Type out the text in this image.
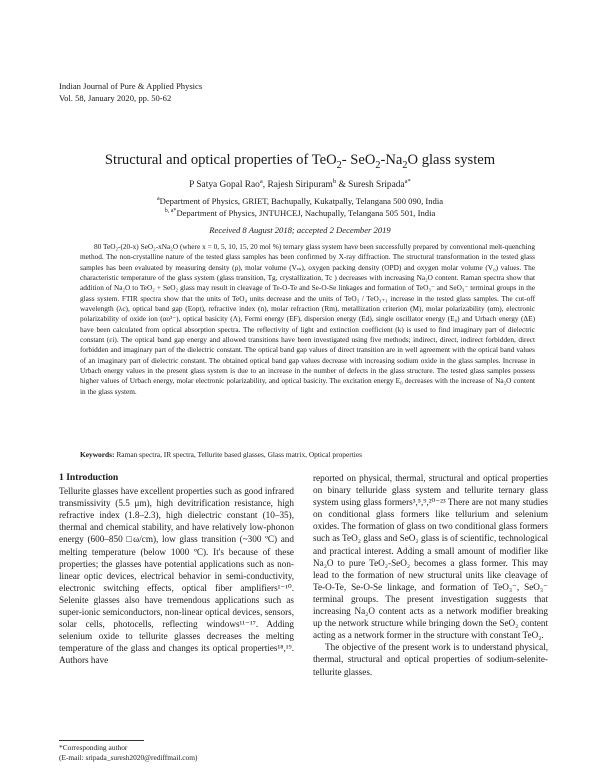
Indian Journal of Pure & Applied Physics
Vol. 58, January 2020, pp. 50-62
Structural and optical properties of TeO$_2$- $SeO_2-Na_2O$ glass system
P Satya Gopal Rao$^a$, Rajesh Siripuram$^b$ & Suresh Sripada$^{a*}$
$^a$Department of Physics, GRIET, Bachupally, Kukatpally, Telangana 500 090, India
$^{b, a*}$Department of Physics, JNTUHCEJ, Nachupally, Telangana 505 501, India
Received 8 August 2018; accepted 2 December 2019

80 TeO₂-(20-x) SeO₂-xNa₂O (where x = 0, 5, 10, 15, 20 mol %) ternary glass system have been successfully prepared by conventional melt-quenching method. The non-crystalline nature of the tested glass samples has been confirmed by X-ray diffraction. The structural transformation in the tested glass samples has been evaluated by measuring density (ρ), molar volume (Vₘ), oxygen packing density (OPD) and oxygen molar volume (V₀) values. The characteristic temperature of the glass system (glass transition, Tg, crystallization, Tc ) decreases with increasing Na₂O content. Raman spectra show that addition of Na₂O to TeO₂ + SeO₂ glass may result in cleavage of Te-O-Te and Se-O-Se linkages and formation of TeO₃⁻ and SeO₃⁻ terminal groups in the glass system. FTIR spectra show that the units of TeO₄ units decrease and the units of TeO₃ / TeO₃₊₁ increase in the tested glass samples. The cut-off wavelength (λc), optical band gap (Eopt), refractive index (n), molar refraction (Rm), metallization criterion (M), molar polarizability (αm), electronic polarizability of oxide ion (αo²⁻), optical basicity (Λ), Fermi energy (EF), dispersion energy (Ed), single oscillator energy (E₀) and Urbach energy (ΔE) have been calculated from optical absorption spectra. The reflectivity of light and extinction coefficient (k) is used to find imaginary part of dielectric constant (εi). The optical band gap energy and allowed transitions have been investigated using five methods; indirect, direct, indirect forbidden, direct forbidden and imaginary part of the dielectric constant. The optical band gap values of direct transition are in well agreement with the optical band values of an imaginary part of dielectric constant. The obtained optical band gap values decrease with increasing sodium oxide in the glass samples. Increase in Urbach energy values in the present glass system is due to an increase in the number of defects in the glass structure. The tested glass samples possess higher values of Urbach energy, molar electronic polarizability, and optical basicity. The excitation energy E₀ decreases with the increase of Na₂O content in the glass system.

Keywords: Raman spectra, IR spectra, Tellurite based glasses, Glass matrix, Optical properties
1 Introduction

Tellurite glasses have excellent properties such as good infrared transmissivity (5.5 μm), high devitrification resistance, high refractive index (1.8–2.3), high dielectric constant (10–35), thermal and chemical stability, and have relatively low-phonon energy (600–850 □ω/cm), low glass transition (~300 ºC) and melting temperature (below 1000 ºC). It's because of these properties; the glasses have potential applications such as non-linear optic devices, electrical behavior in semi-conductivity, electronic switching effects, optical fiber amplifiers¹⁻¹⁰. Selenite glasses also have tremendous applications such as super-ionic semiconductors, non-linear optical devices, sensors, solar cells, photocells, reflecting windows¹¹⁻¹⁷. Adding selenium oxide to tellurite glasses decreases the melting temperature of the glass and changes its optical properties¹⁸,¹⁹. Authors have

reported on physical, thermal, structural and optical properties on binary telluride glass system and tellurite ternary glass system using glass formers³,⁵,⁹,²⁰⁻²³ There are not many studies on conditional glass formers like tellurium and selenium oxides. The formation of glass on two conditional glass formers such as TeO₂ glass and SeO₂ glass is of scientific, technological and practical interest. Adding a small amount of modifier like Na₂O to pure TeO₂-SeO₂ becomes a glass former. This may lead to the formation of new structural units like cleavage of Te-O-Te, Se-O-Se linkage, and formation of TeO₃⁻, SeO₃⁻ terminal groups. The present investigation suggests that increasing Na₂O content acts as a network modifier breaking up the network structure while bringing down the SeO₂ content acting as a network former in the structure with constant TeO₂.

The objective of the present work is to understand physical, thermal, structural and optical properties of sodium-selenite-tellurite glasses.

*Corresponding author
(E-mail: sripada_suresh2020@rediffmail.com)
